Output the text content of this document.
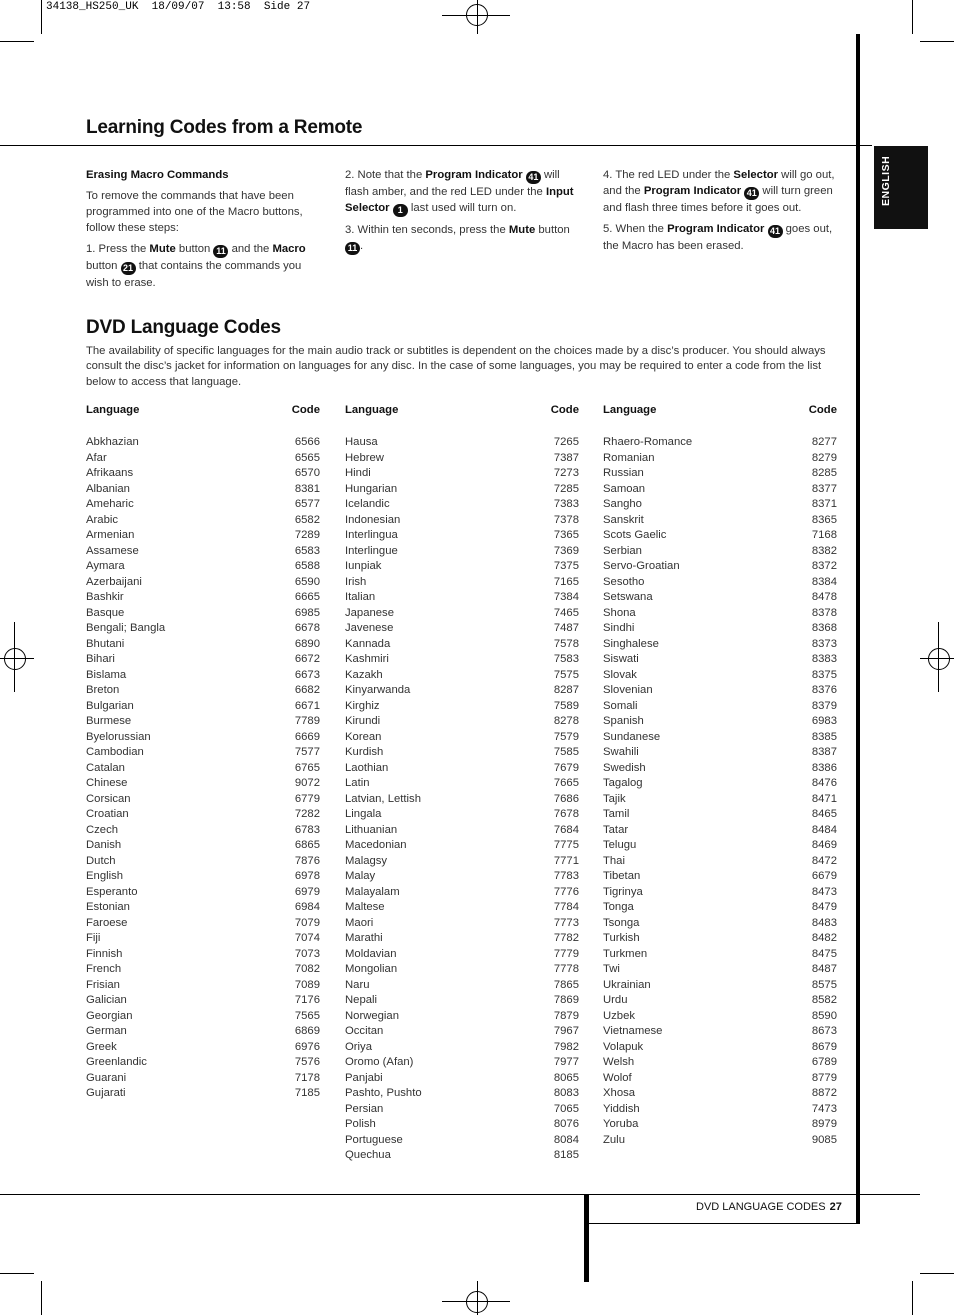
34138_HS250_UK  18/09/07  13:58  Side 27
ENGLISH
Learning Codes from a Remote

Erasing Macro Commands

To remove the commands that have been programmed into one of the Macro buttons, follow these steps:

1. Press the Mute button 11 and the Macro button 21 that contains the commands you wish to erase.

2. Note that the Program Indicator 41 will flash amber, and the red LED under the Input Selector 1 last used will turn on.

3. Within ten seconds, press the Mute button 11 .

4. The red LED under the Selector will go out, and the Program Indicator 41 will turn green and flash three times before it goes out.

5. When the Program Indicator 41 goes out, the Macro has been erased.

DVD Language Codes
The availability of specific languages for the main audio track or subtitles is dependent on the choices made by a disc’s producer. You should always consult the disc’s jacket for information on languages for any disc. In the case of some languages, you may be required to enter a code from the list below to access that language.
Language	Code
Abkhazian	6566
Afar	6565
Afrikaans	6570
Albanian	8381
Ameharic	6577
Arabic	6582
Armenian	7289
Assamese	6583
Aymara	6588
Azerbaijani	6590
Bashkir	6665
Basque	6985
Bengali; Bangla	6678
Bhutani	6890
Bihari	6672
Bislama	6673
Breton	6682
Bulgarian	6671
Burmese	7789
Byelorussian	6669
Cambodian	7577
Catalan	6765
Chinese	9072
Corsican	6779
Croatian	7282
Czech	6783
Danish	6865
Dutch	7876
English	6978
Esperanto	6979
Estonian	6984
Faroese	7079
Fiji	7074
Finnish	7073
French	7082
Frisian	7089
Galician	7176
Georgian	7565
German	6869
Greek	6976
Greenlandic	7576
Guarani	7178
Gujarati	7185
Language	Code
Hausa	7265
Hebrew	7387
Hindi	7273
Hungarian	7285
Icelandic	7383
Indonesian	7378
Interlingua	7365
Interlingue	7369
Iunpiak	7375
Irish	7165
Italian	7384
Japanese	7465
Javenese	7487
Kannada	7578
Kashmiri	7583
Kazakh	7575
Kinyarwanda	8287
Kirghiz	7589
Kirundi	8278
Korean	7579
Kurdish	7585
Laothian	7679
Latin	7665
Latvian, Lettish	7686
Lingala	7678
Lithuanian	7684
Macedonian	7775
Malagsy	7771
Malay	7783
Malayalam	7776
Maltese	7784
Maori	7773
Marathi	7782
Moldavian	7779
Mongolian	7778
Naru	7865
Nepali	7869
Norwegian	7879
Occitan	7967
Oriya	7982
Oromo (Afan)	7977
Panjabi	8065
Pashto, Pushto	8083
Persian	7065
Polish	8076
Portuguese	8084
Quechua	8185
Language	Code
Rhaero-Romance	8277
Romanian	8279
Russian	8285
Samoan	8377
Sangho	8371
Sanskrit	8365
Scots Gaelic	7168
Serbian	8382
Servo-Groatian	8372
Sesotho	8384
Setswana	8478
Shona	8378
Sindhi	8368
Singhalese	8373
Siswati	8383
Slovak	8375
Slovenian	8376
Somali	8379
Spanish	6983
Sundanese	8385
Swahili	8387
Swedish	8386
Tagalog	8476
Tajik	8471
Tamil	8465
Tatar	8484
Telugu	8469
Thai	8472
Tibetan	6679
Tigrinya	8473
Tonga	8479
Tsonga	8483
Turkish	8482
Turkmen	8475
Twi	8487
Ukrainian	8575
Urdu	8582
Uzbek	8590
Vietnamese	8673
Volapuk	8679
Welsh	6789
Wolof	8779
Xhosa	8872
Yiddish	7473
Yoruba	8979
Zulu	9085
DVD LANGUAGE CODES 27
